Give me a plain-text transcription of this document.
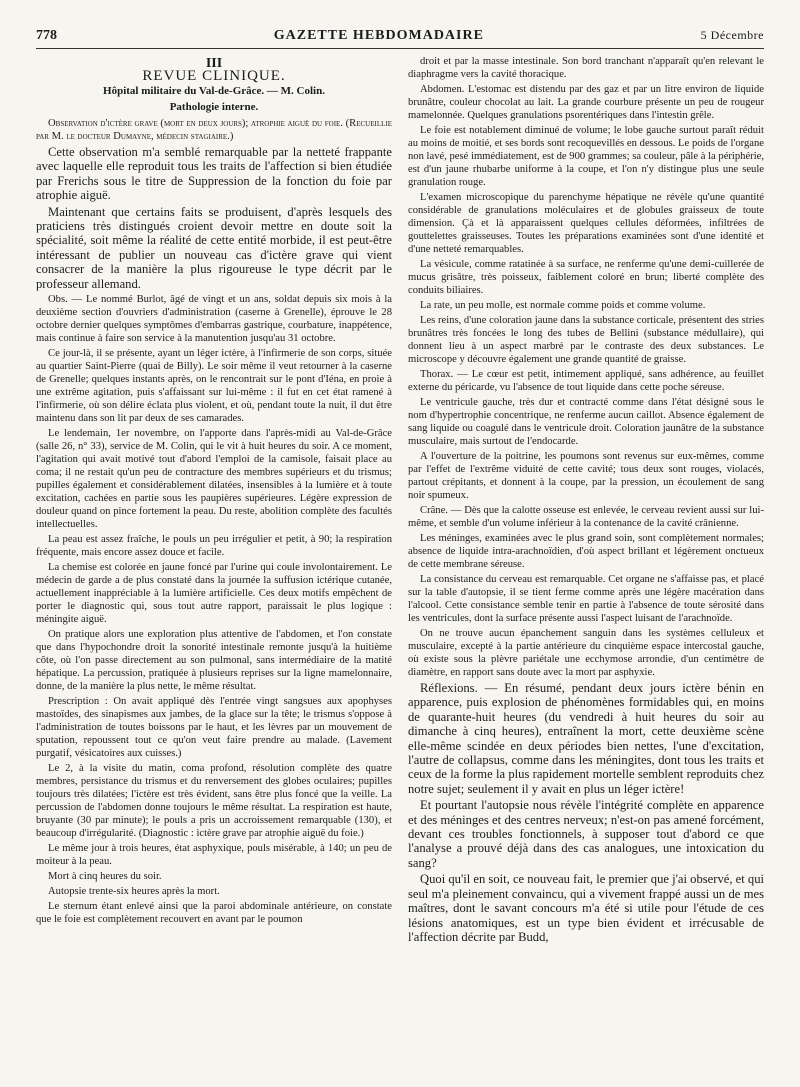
778	GAZETTE HEBDOMADAIRE	5 Décembre
III
REVUE CLINIQUE.
Hôpital militaire du Val-de-Grâce. — M. Colin.
Pathologie interne.

Observation d'ictère grave (mort en deux jours); atrophie aiguë du foie. (Recueillie par M. le docteur Dumayne, médecin stagiaire.)

Cette observation m'a semblé remarquable par la netteté frappante avec laquelle elle reproduit tous les traits de l'affection si bien étudiée par Frerichs sous le titre de Suppression de la fonction du foie par atrophie aiguë.

Maintenant que certains faits se produisent, d'après lesquels des praticiens très distingués croient devoir mettre en doute soit la spécialité, soit même la réalité de cette entité morbide, il est peut-être intéressant de publier un nouveau cas d'ictère grave qui vient consacrer de la manière la plus rigoureuse le type décrit par le professeur allemand.

Obs. — Le nommé Burlot, âgé de vingt et un ans, soldat depuis six mois à la deuxième section d'ouvriers d'administration (caserne à Grenelle), éprouve le 28 octobre dernier quelques symptômes d'embarras gastrique, courbature, inappétence, mais continue à faire son service à la manutention jusqu'au 31 octobre.

Ce jour-là, il se présente, ayant un léger ictère, à l'infirmerie de son corps, située au quartier Saint-Pierre (quai de Billy). Le soir même il veut retourner à la caserne de Grenelle; quelques instants après, on le rencontrait sur le pont d'Iéna, en proie à une extrême agitation, puis s'affaissant sur lui-même : il fut en cet état ramené à l'infirmerie, où son délire éclata plus violent, et où, pendant toute la nuit, il dut être maintenu dans son lit par deux de ses camarades.

Le lendemain, 1er novembre, on l'apporte dans l'après-midi au Val-de-Grâce (salle 26, n° 33), service de M. Colin, qui le vit à huit heures du soir. A ce moment, l'agitation qui avait motivé tout d'abord l'emploi de la camisole, faisait place au coma; il ne restait qu'un peu de contracture des membres supérieurs et du trismus; pupilles également et considérablement dilatées, insensibles à la lumière et à toute excitation, cachées en partie sous les paupières supérieures. Légère expression de douleur quand on pince fortement la peau. Du reste, abolition complète des facultés intellectuelles.

La peau est assez fraîche, le pouls un peu irrégulier et petit, à 90; la respiration fréquente, mais encore assez douce et facile.

La chemise est colorée en jaune foncé par l'urine qui coule involontairement. Le médecin de garde a de plus constaté dans la journée la suffusion ictérique cutanée, actuellement inappréciable à la lumière artificielle. Ces deux motifs empêchent de porter le diagnostic qui, sous tout autre rapport, paraissait le plus logique : méningite aiguë.

On pratique alors une exploration plus attentive de l'abdomen, et l'on constate que dans l'hypochondre droit la sonorité intestinale remonte jusqu'à la huitième côte, où l'on passe directement au son pulmonal, sans intermédiaire de la matité hépatique. La percussion, pratiquée à plusieurs reprises sur la ligne mamelonnaire, donne, de la manière la plus nette, le même résultat.

Prescription : On avait appliqué dès l'entrée vingt sangsues aux apophyses mastoïdes, des sinapismes aux jambes, de la glace sur la tête; le trismus s'oppose à l'administration de toutes boissons par le haut, et les lèvres par un mouvement de sputation, repoussent tout ce qu'on veut faire prendre au malade. (Lavement purgatif, vésicatoires aux cuisses.)

Le 2, à la visite du matin, coma profond, résolution complète des quatre membres, persistance du trismus et du renversement des globes oculaires; pupilles toujours très dilatées; l'ictère est très évident, sans être plus foncé que la veille. La percussion de l'abdomen donne toujours le même résultat. La respiration est haute, bruyante (30 par minute); le pouls a pris un accroissement remarquable (130), et beaucoup d'irrégularité. (Diagnostic : ictère grave par atrophie aiguë du foie.)

Le même jour à trois heures, état asphyxique, pouls misérable, à 140; un peu de moiteur à la peau.

Mort à cinq heures du soir.

Autopsie trente-six heures après la mort.

Le sternum étant enlevé ainsi que la paroi abdominale antérieure, on constate que le foie est complètement recouvert en avant par le poumon

droit et par la masse intestinale. Son bord tranchant n'apparaît qu'en relevant le diaphragme vers la cavité thoracique.

Abdomen. L'estomac est distendu par des gaz et par un litre environ de liquide brunâtre, couleur chocolat au lait. La grande courbure présente un peu de rougeur mamelonnée. Quelques granulations psorentériques dans l'intestin grêle.

Le foie est notablement diminué de volume; le lobe gauche surtout paraît réduit au moins de moitié, et ses bords sont recoquevillés en dessous. Le poids de l'organe non lavé, pesé immédiatement, est de 900 grammes; sa couleur, pâle à la périphérie, est d'un jaune rhubarbe uniforme à la coupe, et l'on n'y distingue plus une seule granulation rouge.

L'examen microscopique du parenchyme hépatique ne révèle qu'une quantité considérable de granulations moléculaires et de globules graisseux de toute dimension. Çà et là apparaissent quelques cellules déformées, infiltrées de gouttelettes graisseuses. Toutes les préparations examinées sont d'une identité et d'une netteté remarquables.

La vésicule, comme ratatinée à sa surface, ne renferme qu'une demi-cuillerée de mucus grisâtre, très poisseux, faiblement coloré en brun; liberté complète des conduits biliaires.

La rate, un peu molle, est normale comme poids et comme volume.

Les reins, d'une coloration jaune dans la substance corticale, présentent des stries brunâtres très foncées le long des tubes de Bellini (substance médullaire), qui donnent lieu à un aspect marbré par le contraste des deux substances. Le microscope y découvre également une grande quantité de graisse.

Thorax. — Le cœur est petit, intimement appliqué, sans adhérence, au feuillet externe du péricarde, vu l'absence de tout liquide dans cette poche séreuse.

Le ventricule gauche, très dur et contracté comme dans l'état désigné sous le nom d'hypertrophie concentrique, ne renferme aucun caillot. Absence également de sang liquide ou coagulé dans le ventricule droit. Coloration jaunâtre de la substance musculaire, mais surtout de l'endocarde.

A l'ouverture de la poitrine, les poumons sont revenus sur eux-mêmes, comme par l'effet de l'extrême viduité de cette cavité; tous deux sont rouges, violacés, partout crépitants, et donnent à la coupe, par la pression, un écoulement de sang noir spumeux.

Crâne. — Dès que la calotte osseuse est enlevée, le cerveau revient aussi sur lui-même, et semble d'un volume inférieur à la contenance de la cavité crânienne.

Les méninges, examinées avec le plus grand soin, sont complètement normales; absence de liquide intra-arachnoïdien, d'où aspect brillant et légèrement onctueux de cette membrane séreuse.

La consistance du cerveau est remarquable. Cet organe ne s'affaisse pas, et placé sur la table d'autopsie, il se tient ferme comme après une légère macération dans l'alcool. Cette consistance semble tenir en partie à l'absence de toute sérosité dans les ventricules, dont la surface présente aussi l'aspect luisant de l'arachnoïde.

On ne trouve aucun épanchement sanguin dans les systèmes celluleux et musculaire, excepté à la partie antérieure du cinquième espace intercostal gauche, où existe sous la plèvre pariétale une ecchymose arrondie, d'un centimètre de diamètre, en rapport sans doute avec la mort par asphyxie.

Réflexions. — En résumé, pendant deux jours ictère bénin en apparence, puis explosion de phénomènes formidables qui, en moins de quarante-huit heures (du vendredi à huit heures du soir au dimanche à cinq heures), entraînent la mort, cette deuxième scène elle-même scindée en deux périodes bien nettes, l'une d'excitation, l'autre de collapsus, comme dans les méningites, dont tous les traits et ceux de la forme la plus rapidement mortelle semblent reproduits chez notre sujet; seulement il y avait en plus un léger ictère!

Et pourtant l'autopsie nous révèle l'intégrité complète en apparence et des méninges et des centres nerveux; n'est-on pas amené forcément, devant ces troubles fonctionnels, à supposer tout d'abord ce que l'analyse a prouvé déjà dans des cas analogues, une intoxication du sang?

Quoi qu'il en soit, ce nouveau fait, le premier que j'ai observé, et qui seul m'a pleinement convaincu, qui a vivement frappé aussi un de mes maîtres, dont le savant concours m'a été si utile pour l'étude de ces lésions anatomiques, est un type bien évident et irrécusable de l'affection décrite par Budd,
